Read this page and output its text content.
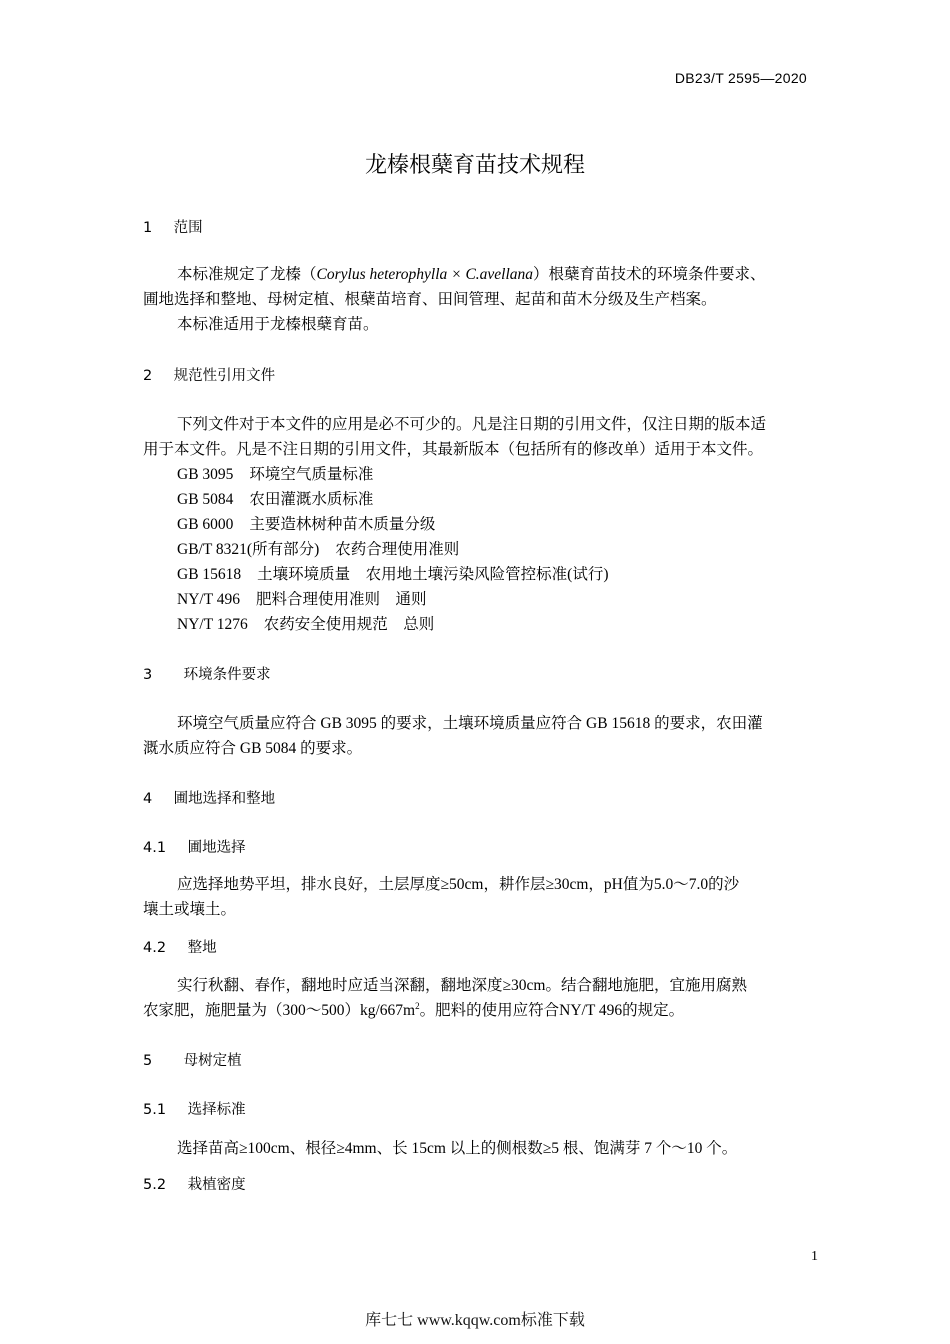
DB23/T 2595—2020
龙榛根蘖育苗技术规程
1 范围
本标准规定了龙榛（Corylus heterophylla × C.avellana）根蘖育苗技术的环境条件要求、
圃地选择和整地、母树定植、根蘖苗培育、田间管理、起苗和苗木分级及生产档案。
本标准适用于龙榛根蘖育苗。
2 规范性引用文件
下列文件对于本文件的应用是必不可少的。凡是注日期的引用文件，仅注日期的版本适
用于本文件。凡是不注日期的引用文件，其最新版本（包括所有的修改单）适用于本文件。
GB 3095 环境空气质量标准
GB 5084 农田灌溉水质标准
GB 6000 主要造林树种苗木质量分级
GB/T 8321(所有部分) 农药合理使用准则
GB 15618 土壤环境质量　农用地土壤污染风险管控标准(试行)
NY/T 496 肥料合理使用准则　通则
NY/T 1276 农药安全使用规范　总则
3 环境条件要求
环境空气质量应符合 GB 3095 的要求，土壤环境质量应符合 GB 15618 的要求，农田灌
溉水质应符合 GB 5084 的要求。
4 圃地选择和整地
4.1 圃地选择
应选择地势平坦，排水良好，土层厚度≥50cm，耕作层≥30cm，pH值为5.0～7.0的沙
壤土或壤土。
4.2 整地
实行秋翻、春作，翻地时应适当深翻，翻地深度≥30cm。结合翻地施肥，宜施用腐熟
农家肥，施肥量为$(300\sim 500)kg/667m^2$。肥料的使用应符合NY/T 496的规定。
5 母树定植
5.1 选择标准
选择苗高≥100cm、根径≥4mm、长 15cm 以上的侧根数≥5 根、饱满芽 7 个～10 个。
5.2 栽植密度
1
库七七 www.kqqw.com标准下载
